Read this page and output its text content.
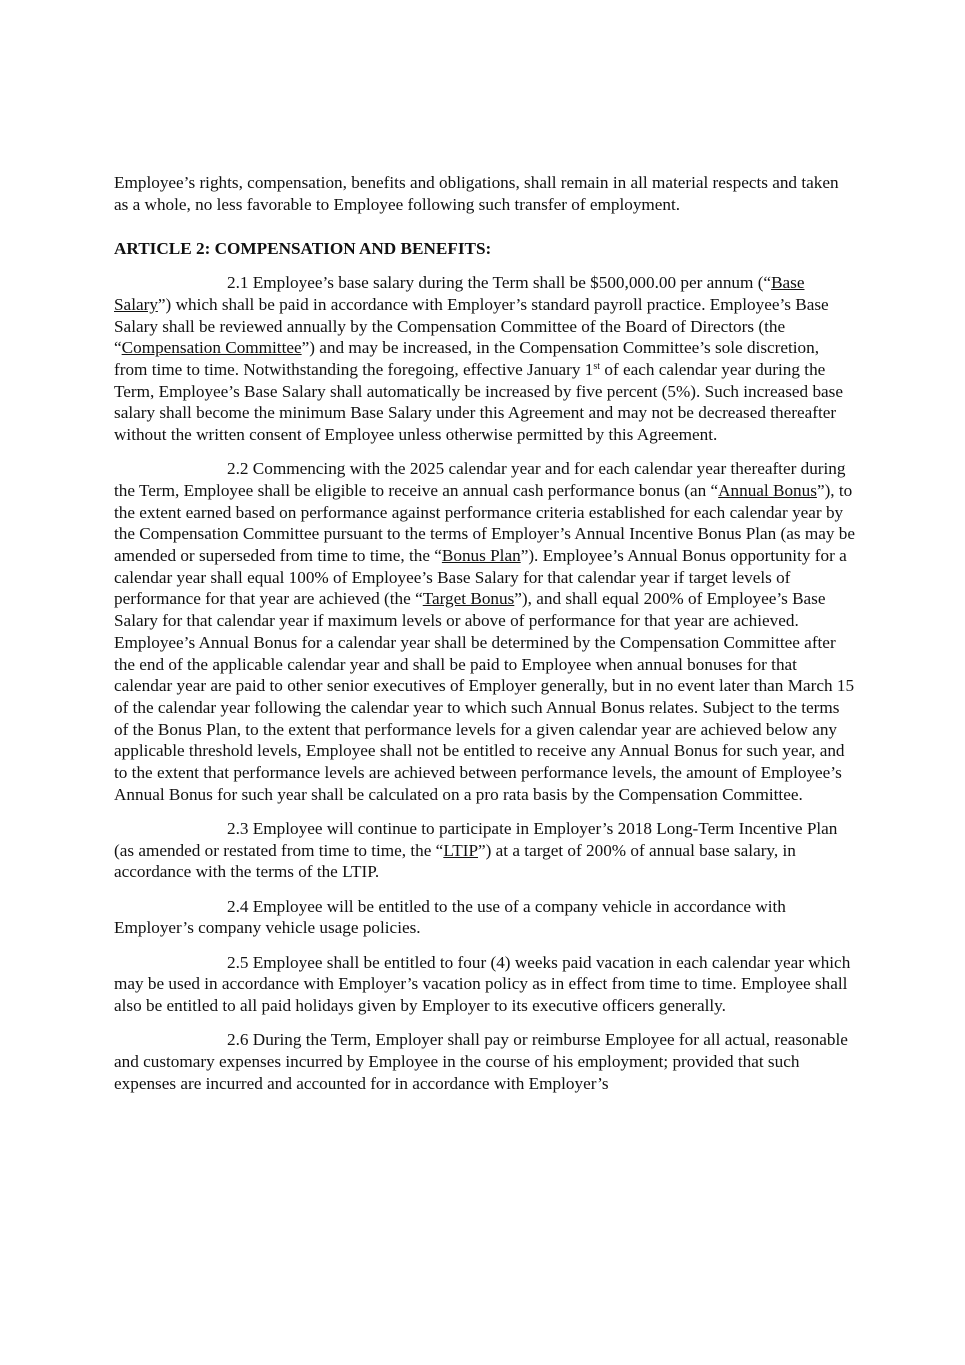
Employee’s rights, compensation, benefits and obligations, shall remain in all material respects and taken as a whole, no less favorable to Employee following such transfer of employment.

ARTICLE 2: COMPENSATION AND BENEFITS:

2.1 Employee’s base salary during the Term shall be $500,000.00 per annum (“Base Salary”) which shall be paid in accordance with Employer’s standard payroll practice. Employee’s Base Salary shall be reviewed annually by the Compensation Committee of the Board of Directors (the “Compensation Committee”) and may be increased, in the Compensation Committee’s sole discretion, from time to time. Notwithstanding the foregoing, effective January 1st of each calendar year during the Term, Employee’s Base Salary shall automatically be increased by five percent (5%). Such increased base salary shall become the minimum Base Salary under this Agreement and may not be decreased thereafter without the written consent of Employee unless otherwise permitted by this Agreement.

2.2 Commencing with the 2025 calendar year and for each calendar year thereafter during the Term, Employee shall be eligible to receive an annual cash performance bonus (an “Annual Bonus”), to the extent earned based on performance against performance criteria established for each calendar year by the Compensation Committee pursuant to the terms of Employer’s Annual Incentive Bonus Plan (as may be amended or superseded from time to time, the “Bonus Plan”). Employee’s Annual Bonus opportunity for a calendar year shall equal 100% of Employee’s Base Salary for that calendar year if target levels of performance for that year are achieved (the “Target Bonus”), and shall equal 200% of Employee’s Base Salary for that calendar year if maximum levels or above of performance for that year are achieved. Employee’s Annual Bonus for a calendar year shall be determined by the Compensation Committee after the end of the applicable calendar year and shall be paid to Employee when annual bonuses for that calendar year are paid to other senior executives of Employer generally, but in no event later than March 15 of the calendar year following the calendar year to which such Annual Bonus relates. Subject to the terms of the Bonus Plan, to the extent that performance levels for a given calendar year are achieved below any applicable threshold levels, Employee shall not be entitled to receive any Annual Bonus for such year, and to the extent that performance levels are achieved between performance levels, the amount of Employee’s Annual Bonus for such year shall be calculated on a pro rata basis by the Compensation Committee.

2.3 Employee will continue to participate in Employer’s 2018 Long-Term Incentive Plan (as amended or restated from time to time, the “LTIP”) at a target of 200% of annual base salary, in accordance with the terms of the LTIP.

2.4 Employee will be entitled to the use of a company vehicle in accordance with Employer’s company vehicle usage policies.

2.5 Employee shall be entitled to four (4) weeks paid vacation in each calendar year which may be used in accordance with Employer’s vacation policy as in effect from time to time. Employee shall also be entitled to all paid holidays given by Employer to its executive officers generally.

2.6 During the Term, Employer shall pay or reimburse Employee for all actual, reasonable and customary expenses incurred by Employee in the course of his employment; provided that such expenses are incurred and accounted for in accordance with Employer’s
